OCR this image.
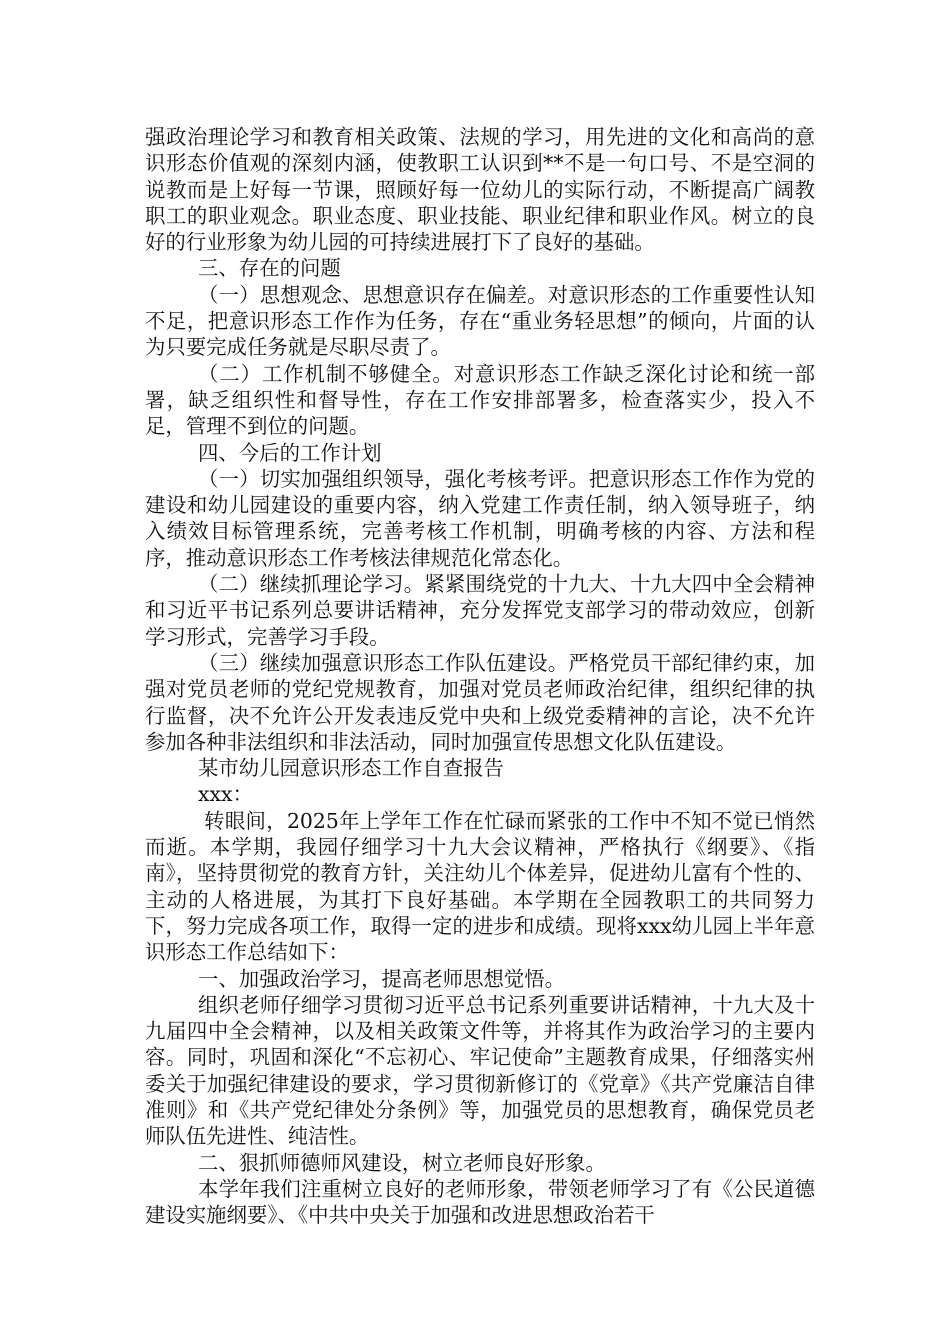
强政治理论学习和教育相关政策、法规的学习，用先进的文化和高尚的意识形态价值观的深刻内涵，使教职工认识到**不是一句口号、不是空洞的说教而是上好每一节课，照顾好每一位幼儿的实际行动，不断提高广阔教职工的职业观念。职业态度、职业技能、职业纪律和职业作风。树立的良好的行业形象为幼儿园的可持续进展打下了良好的基础。

三、存在的问题

（一）思想观念、思想意识存在偏差。对意识形态的工作重要性认知不足，把意识形态工作作为任务，存在“重业务轻思想”的倾向，片面的认为只要完成任务就是尽职尽责了。

（二）工作机制不够健全。对意识形态工作缺乏深化讨论和统一部署，缺乏组织性和督导性，存在工作安排部署多，检查落实少，投入不足，管理不到位的问题。

四、今后的工作计划

（一）切实加强组织领导，强化考核考评。把意识形态工作作为党的建设和幼儿园建设的重要内容，纳入党建工作责任制，纳入领导班子，纳入绩效目标管理系统，完善考核工作机制，明确考核的内容、方法和程序，推动意识形态工作考核法律规范化常态化。

（二）继续抓理论学习。紧紧围绕党的十九大、十九大四中全会精神和习近平书记系列总要讲话精神，充分发挥党支部学习的带动效应，创新学习形式，完善学习手段。

（三）继续加强意识形态工作队伍建设。严格党员干部纪律约束，加强对党员老师的党纪党规教育，加强对党员老师政治纪律，组织纪律的执行监督，决不允许公开发表违反党中央和上级党委精神的言论，决不允许参加各种非法组织和非法活动，同时加强宣传思想文化队伍建设。

某市幼儿园意识形态工作自查报告

xxx：

转眼间，2025年上学年工作在忙碌而紧张的工作中不知不觉已悄然而逝。本学期，我园仔细学习十九大会议精神，严格执行《纲要》、《指南》，坚持贯彻党的教育方针，关注幼儿个体差异，促进幼儿富有个性的、主动的人格进展，为其打下良好基础。本学期在全园教职工的共同努力下，努力完成各项工作，取得一定的进步和成绩。现将xxx幼儿园上半年意识形态工作总结如下：

一、加强政治学习，提高老师思想觉悟。

组织老师仔细学习贯彻习近平总书记系列重要讲话精神，十九大及十九届四中全会精神，以及相关政策文件等，并将其作为政治学习的主要内容。同时，巩固和深化“不忘初心、牢记使命”主题教育成果，仔细落实州委关于加强纪律建设的要求，学习贯彻新修订的《党章》《共产党廉洁自律准则》和《共产党纪律处分条例》等，加强党员的思想教育，确保党员老师队伍先进性、纯洁性。

二、狠抓师德师风建设，树立老师良好形象。

本学年我们注重树立良好的老师形象，带领老师学习了有《公民道德建设实施纲要》、《中共中央关于加强和改进思想政治若干
